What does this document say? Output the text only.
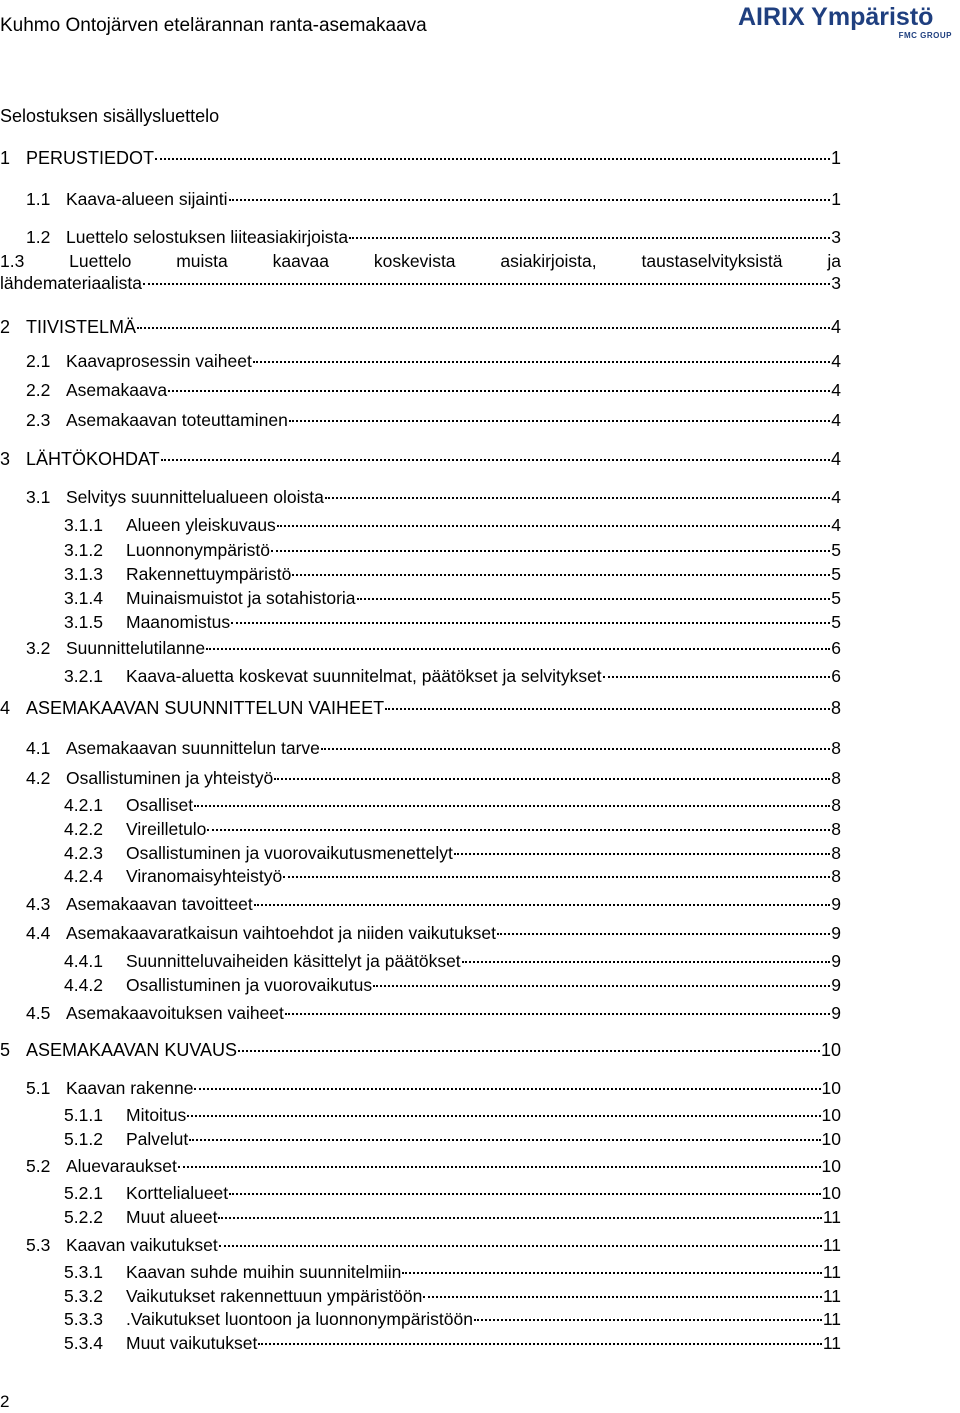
Kuhmo Ontojärven etelärannan ranta-asemakaava	AIRIX Ympäristö
FMC GROUP
Selostuksen sisällysluettelo
1 PERUSTIEDOT	1
1.1 Kaava-alueen sijainti	1
1.2 Luettelo selostuksen liiteasiakirjoista	3
1.3	Luettelo	muista	kaavaa	koskevista	asiakirjoista,	taustaselvityksistä	ja
lähdemateriaalista	3
2 TIIVISTELMÄ	4
2.1 Kaavaprosessin vaiheet	4
2.2 Asemakaava	4
2.3 Asemakaavan toteuttaminen	4
3 LÄHTÖKOHDAT	4
3.1 Selvitys suunnittelualueen oloista	4
3.1.1	Alueen yleiskuvaus	4
3.1.2	Luonnonympäristö	5
3.1.3	Rakennettuympäristö	5
3.1.4	Muinaismuistot ja sotahistoria	5
3.1.5	Maanomistus	5
3.2 Suunnittelutilanne	6
3.2.1	Kaava-aluetta koskevat suunnitelmat, päätökset ja selvitykset	6
4 ASEMAKAAVAN SUUNNITTELUN VAIHEET	8
4.1 Asemakaavan suunnittelun tarve	8
4.2 Osallistuminen ja yhteistyö	8
4.2.1	Osalliset	8
4.2.2	Vireilletulo	8
4.2.3	Osallistuminen ja vuorovaikutusmenettelyt	8
4.2.4	Viranomaisyhteistyö	8
4.3 Asemakaavan tavoitteet	9
4.4 Asemakaavaratkaisun vaihtoehdot ja niiden vaikutukset	9
4.4.1	Suunnitteluvaiheiden käsittelyt ja päätökset	9
4.4.2	Osallistuminen ja vuorovaikutus	9
4.5 Asemakaavoituksen vaiheet	9
5 ASEMAKAAVAN KUVAUS	10
5.1 Kaavan rakenne	10
5.1.1	Mitoitus	10
5.1.2	Palvelut	10
5.2 Aluevaraukset	10
5.2.1	Korttelialueet	10
5.2.2	Muut alueet	11
5.3 Kaavan vaikutukset	11
5.3.1	Kaavan suhde muihin suunnitelmiin	11
5.3.2	Vaikutukset rakennettuun ympäristöön	11
5.3.3	.Vaikutukset luontoon ja luonnonympäristöön	11
5.3.4	Muut vaikutukset	11
2
